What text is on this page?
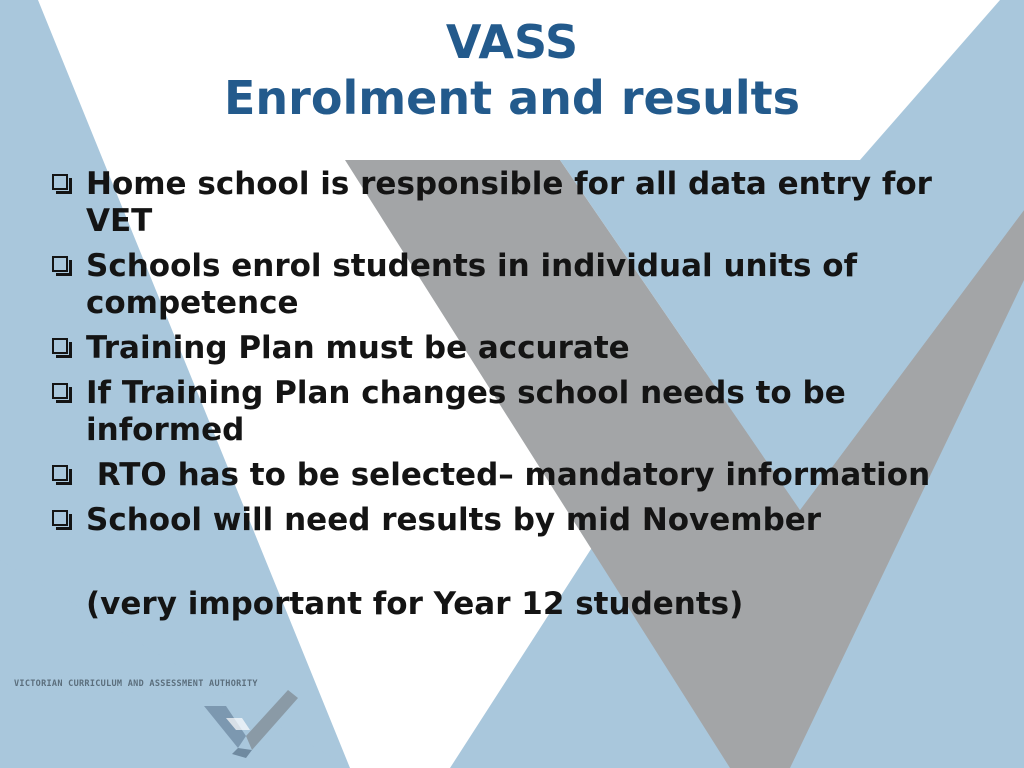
VASS
Enrolment and results
Home school is responsible for all data entry for VET
Schools enrol students in individual units of competence
Training Plan must be accurate
If Training Plan changes school needs to be informed
RTO has to be selected– mandatory information
School will need results by mid November
(very important for Year 12 students)
VICTORIAN CURRICULUM AND ASSESSMENT AUTHORITY
